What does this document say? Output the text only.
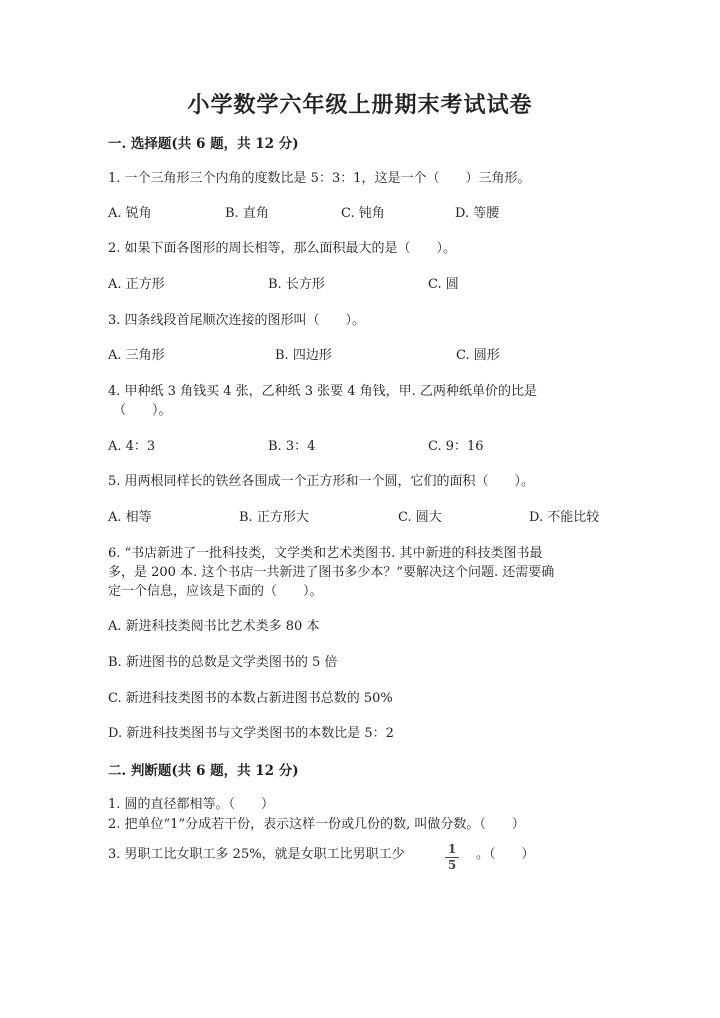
小学数学六年级上册期末考试试卷
一. 选择题(共 6 题，共 12 分)
1. 一个三角形三个内角的度数比是 5：3：1，这是一个（　　）三角形。
A. 锐角	B. 直角	C. 钝角	D. 等腰
2. 如果下面各图形的周长相等，那么面积最大的是（　　）。
A. 正方形	B. 长方形	C. 圆
3. 四条线段首尾顺次连接的图形叫（　　）。
A. 三角形	B. 四边形	C. 圆形
4. 甲种纸 3 角钱买 4 张，乙种纸 3 张要 4 角钱，甲. 乙两种纸单价的比是
（　　）。
A. 4：3	B. 3：4	C. 9：16
5. 用两根同样长的铁丝各围成一个正方形和一个圆，它们的面积（　　）。
A. 相等	B. 正方形大	C. 圆大	D. 不能比较
6. “书店新进了一批科技类，文学类和艺术类图书. 其中新进的科技类图书最
多，是 200 本. 这个书店一共新进了图书多少本？”要解决这个问题. 还需要确
定一个信息，应该是下面的（　　）。
A. 新进科技类阅书比艺术类多 80 本
B. 新进图书的总数是文学类图书的 5 倍
C. 新进科技类图书的本数占新进图书总数的 50%
D. 新进科技类图书与文学类图书的本数比是 5：2
二. 判断题(共 6 题，共 12 分)
1. 圆的直径都相等。（　　）
2. 把单位“1”分成若干份，表示这样一份或几份的数, 叫做分数。（　　）
3. 男职工比女职工多 25%，就是女职工比男职工少	1
5
。（　　）
